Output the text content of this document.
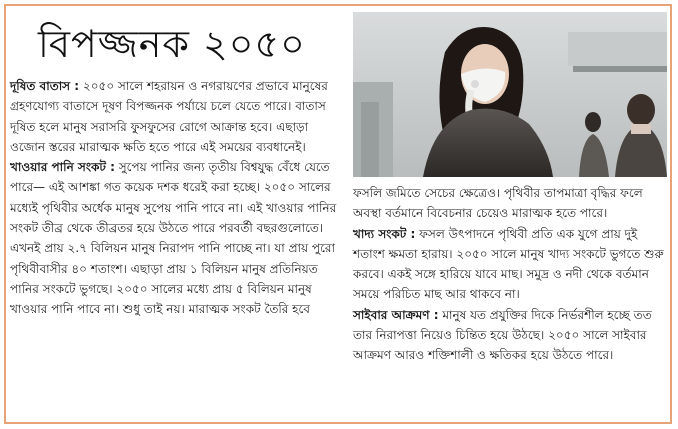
বিপজ্জনক ২০৫০

দূষিত বাতাস : ২০৫০ সালে শহরায়ন ও নগরায়ণের প্রভাবে মানুষের গ্রহণযোগ্য বাতাসে দূষণ বিপজ্জনক পর্যায়ে চলে যেতে পারে। বাতাস দূষিত হলে মানুষ সরাসরি ফুসফুসের রোগে আক্রান্ত হবে। এছাড়া ওজোন স্তরের মারাত্মক ক্ষতি হতে পারে এই সময়ের ব্যবধানেই।

খাওয়ার পানি সংকট : সুপেয় পানির জন্য তৃতীয় বিশ্বযুদ্ধ বেঁধে যেতে পারে— এই আশঙ্কা গত কয়েক দশক ধরেই করা হচ্ছে। ২০৫০ সালের মধ্যেই পৃথিবীর অর্ধেক মানুষ সুপেয় পানি পাবে না। এই খাওয়ার পানির সংকট তীব্র থেকে তীব্রতর হয়ে উঠতে পারে পরবর্তী বছরগুলোতে। এখনই প্রায় ২.৭ বিলিয়ন মানুষ নিরাপদ পানি পাচ্ছে না। যা প্রায় পুরো পৃথিবীবাসীর ৪০ শতাংশ। এছাড়া প্রায় ১ বিলিয়ন মানুষ প্রতিনিয়ত পানির সংকটে ভুগছে। ২০৫০ সালের মধ্যে প্রায় ৫ বিলিয়ন মানুষ খাওয়ার পানি পাবে না। শুধু তাই নয়। মারাত্মক সংকট তৈরি হবে

ফসলি জমিতে সেচের ক্ষেত্রেও। পৃথিবীর তাপমাত্রা বৃদ্ধির ফলে অবস্থা বর্তমানে বিবেচনার চেয়েও মারাত্মক হতে পারে।

খাদ্য সংকট : ফসল উৎপাদনে পৃথিবী প্রতি এক যুগে প্রায় দুই শতাংশ ক্ষমতা হারায়। ২০৫০ সালে মানুষ খাদ্য সংকটে ভুগতে শুরু করবে। একই সঙ্গে হারিয়ে যাবে মাছ। সমুদ্র ও নদী থেকে বর্তমান সময়ে পরিচিত মাছ আর থাকবে না।

সাইবার আক্রমণ : মানুষ যত প্রযুক্তির দিকে নির্ভরশীল হচ্ছে তত তার নিরাপত্তা নিয়েও চিন্তিত হয়ে উঠছে। ২০৫০ সালে সাইবার আক্রমণ আরও শক্তিশালী ও ক্ষতিকর হয়ে উঠতে পারে।
